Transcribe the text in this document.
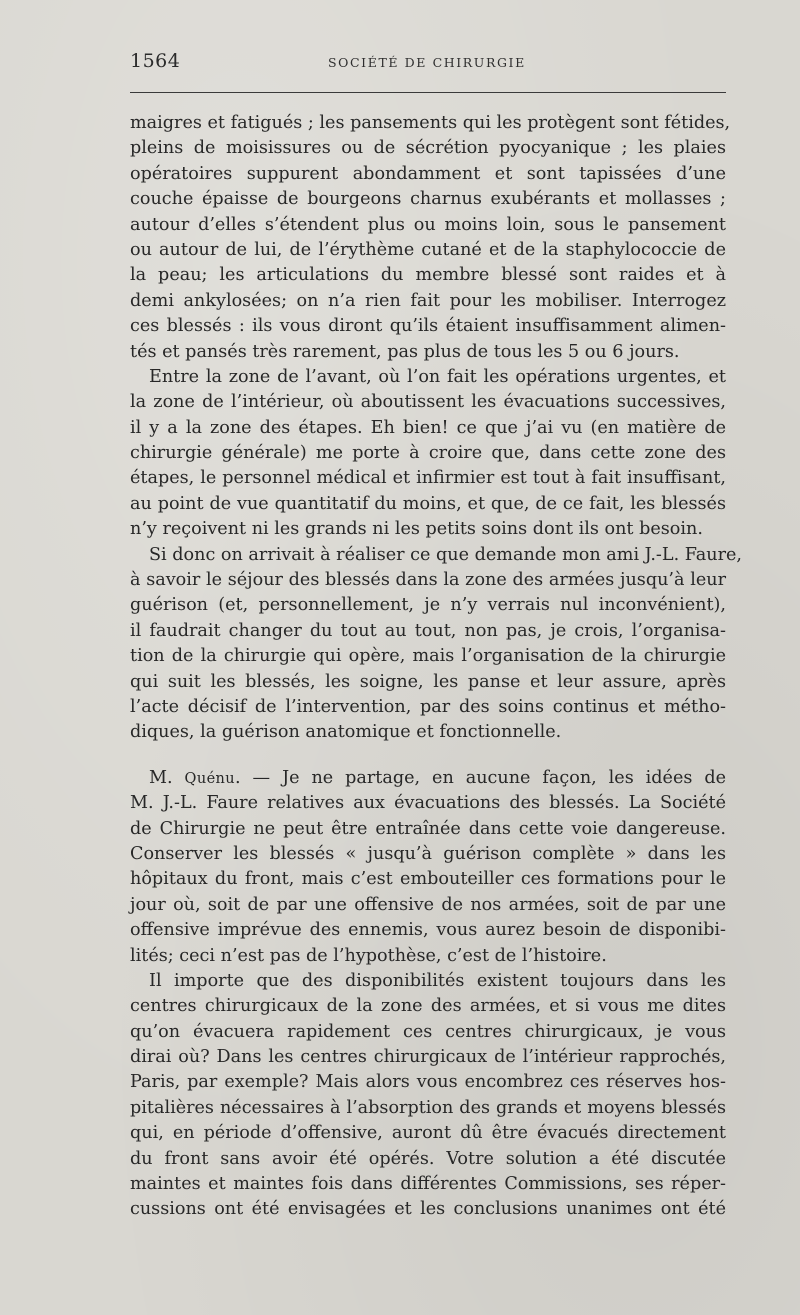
1564	SOCIÉTÉ DE CHIRURGIE
maigres et fatigués ; les pansements qui les protègent sont fétides,
pleins de moisissures ou de sécrétion pyocyanique ; les plaies
opératoires suppurent abondamment et sont tapissées d’une
couche épaisse de bourgeons charnus exubérants et mollasses ;
autour d’elles s’étendent plus ou moins loin, sous le pansement
ou autour de lui, de l’érythème cutané et de la staphylococcie de
la peau; les articulations du membre blessé sont raides et à
demi ankylosées; on n’a rien fait pour les mobiliser. Interrogez
ces blessés : ils vous diront qu’ils étaient insuffisamment alimen-
tés et pansés très rarement, pas plus de tous les 5 ou 6 jours.
Entre la zone de l’avant, où l’on fait les opérations urgentes, et
la zone de l’intérieur, où aboutissent les évacuations successives,
il y a la zone des étapes. Eh bien! ce que j’ai vu (en matière de
chirurgie générale) me porte à croire que, dans cette zone des
étapes, le personnel médical et infirmier est tout à fait insuffisant,
au point de vue quantitatif du moins, et que, de ce fait, les blessés
n’y reçoivent ni les grands ni les petits soins dont ils ont besoin.
Si donc on arrivait à réaliser ce que demande mon ami J.-L. Faure,
à savoir le séjour des blessés dans la zone des armées jusqu’à leur
guérison (et, personnellement, je n’y verrais nul inconvénient),
il faudrait changer du tout au tout, non pas, je crois, l’organisa-
tion de la chirurgie qui opère, mais l’organisation de la chirurgie
qui suit les blessés, les soigne, les panse et leur assure, après
l’acte décisif de l’intervention, par des soins continus et métho-
diques, la guérison anatomique et fonctionnelle.
M. Quénu. — Je ne partage, en aucune façon, les idées de
M. J.-L. Faure relatives aux évacuations des blessés. La Société
de Chirurgie ne peut être entraînée dans cette voie dangereuse.
Conserver les blessés « jusqu’à guérison complète » dans les
hôpitaux du front, mais c’est embouteiller ces formations pour le
jour où, soit de par une offensive de nos armées, soit de par une
offensive imprévue des ennemis, vous aurez besoin de disponibi-
lités; ceci n’est pas de l’hypothèse, c’est de l’histoire.
Il importe que des disponibilités existent toujours dans les
centres chirurgicaux de la zone des armées, et si vous me dites
qu’on évacuera rapidement ces centres chirurgicaux, je vous
dirai où? Dans les centres chirurgicaux de l’intérieur rapprochés,
Paris, par exemple? Mais alors vous encombrez ces réserves hos-
pitalières nécessaires à l’absorption des grands et moyens blessés
qui, en période d’offensive, auront dû être évacués directement
du front sans avoir été opérés. Votre solution a été discutée
maintes et maintes fois dans différentes Commissions, ses réper-
cussions ont été envisagées et les conclusions unanimes ont été
